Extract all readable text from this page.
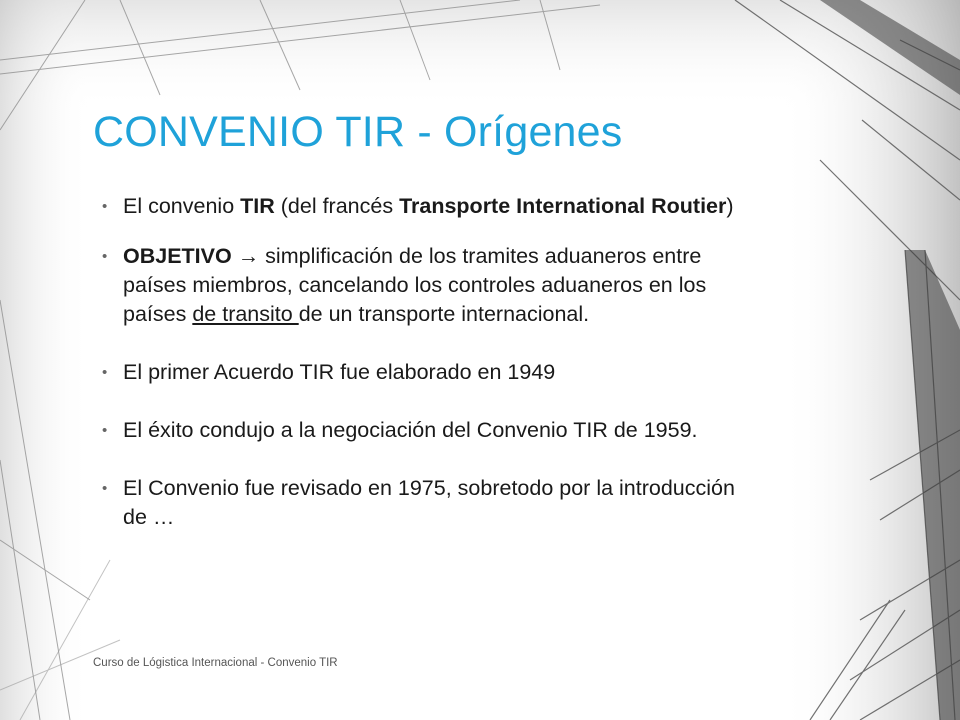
CONVENIO TIR - Orígenes
• El convenio TIR (del francés Transporte International Routier)
• OBJETIVO → simplificación de los tramites aduaneros entre países miembros, cancelando los controles aduaneros en los países de transito de un transporte internacional.
• El primer Acuerdo TIR fue elaborado en 1949
• El éxito condujo a la negociación del Convenio TIR de 1959.
• El Convenio fue revisado en 1975, sobretodo por la introducción de …
Curso de Lógistica Internacional - Convenio TIR
